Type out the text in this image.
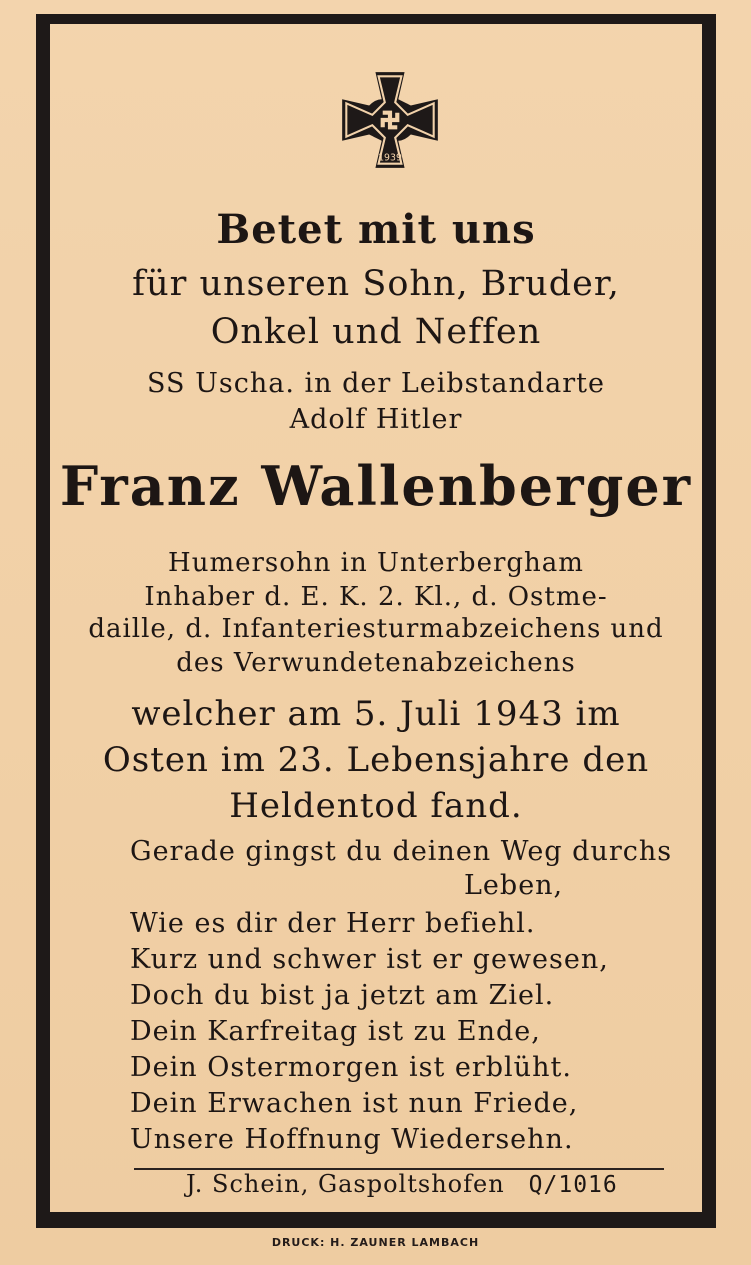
1939
Betet mit uns
für unseren Sohn, Bruder,
Onkel und Neffen
SS Uscha. in der Leibstandarte
Adolf Hitler
Franz Wallenberger
Humersohn in Unterbergham
Inhaber d. E. K. 2. Kl., d. Ostme-
daille, d. Infanteriesturmabzeichens und
des Verwundetenabzeichens
welcher am 5. Juli 1943 im
Osten im 23. Lebensjahre den
Heldentod fand.
Gerade gingst du deinen Weg durchs
Leben,
Wie es dir der Herr befiehl.
Kurz und schwer ist er gewesen,
Doch du bist ja jetzt am Ziel.
Dein Karfreitag ist zu Ende,
Dein Ostermorgen ist erblüht.
Dein Erwachen ist nun Friede,
Unsere Hoffnung Wiedersehn.
J. Schein, Gaspoltshofen Q/1016
DRUCK: H. ZAUNER LAMBACH
